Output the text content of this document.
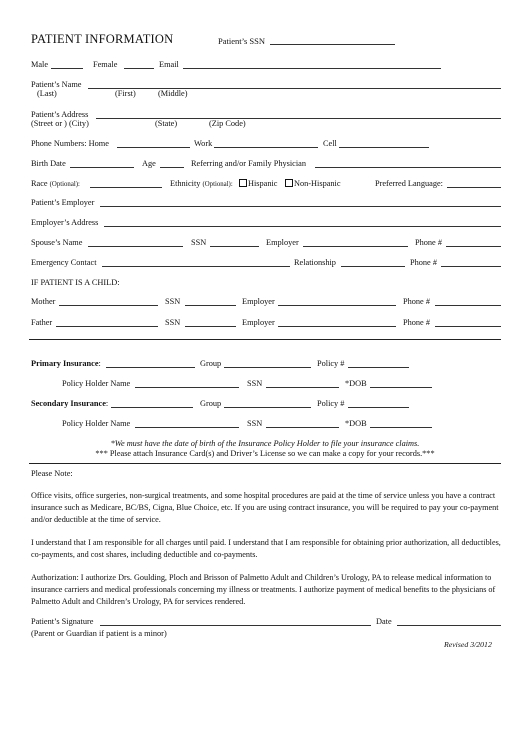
PATIENT INFORMATION	Patient’s SSN
Male	Female	Email
Patient’s Name
(Last)	(First)	(Middle)
Patient’s Address
(Street or ) (City)	(State)	(Zip Code)
Phone Numbers: Home	Work	Cell
Birth Date	Age	Referring and/or Family Physician
Race (Optional):	Ethnicity (Optional):	Hispanic	Non-Hispanic	Preferred Language:
Patient’s Employer
Employer’s Address
Spouse’s Name	SSN	Employer	Phone #
Emergency Contact	Relationship	Phone #
IF PATIENT IS A CHILD:
Mother	SSN	Employer	Phone #
Father	SSN	Employer	Phone #
Primary Insurance:	Group	Policy #
Policy Holder Name	SSN	*DOB
Secondary Insurance:	Group	Policy #
Policy Holder Name	SSN	*DOB
*We must have the date of birth of the Insurance Policy Holder to file your insurance claims.
*** Please attach Insurance Card(s) and Driver’s License so we can make a copy for your records.***
Please Note:
Office visits, office surgeries, non-surgical treatments, and some hospital procedures are paid at the time of service unless you have a contract insurance such as Medicare, BC/BS, Cigna, Blue Choice, etc. If you are using contract insurance, you will be required to pay your co-payment and/or deductible at the time of service.
I understand that I am responsible for all charges until paid. I understand that I am responsible for obtaining prior authorization, all deductibles, co-payments, and cost shares, including deductible and co-payments.
Authorization: I authorize Drs. Goulding, Ploch and Brisson of Palmetto Adult and Children’s Urology, PA to release medical information to insurance carriers and medical professionals concerning my illness or treatments. I authorize payment of medical benefits to the physicians of Palmetto Adult and Children’s Urology, PA for services rendered.
Patient’s Signature	Date
(Parent or Guardian if patient is a minor)
Revised 3/2012
